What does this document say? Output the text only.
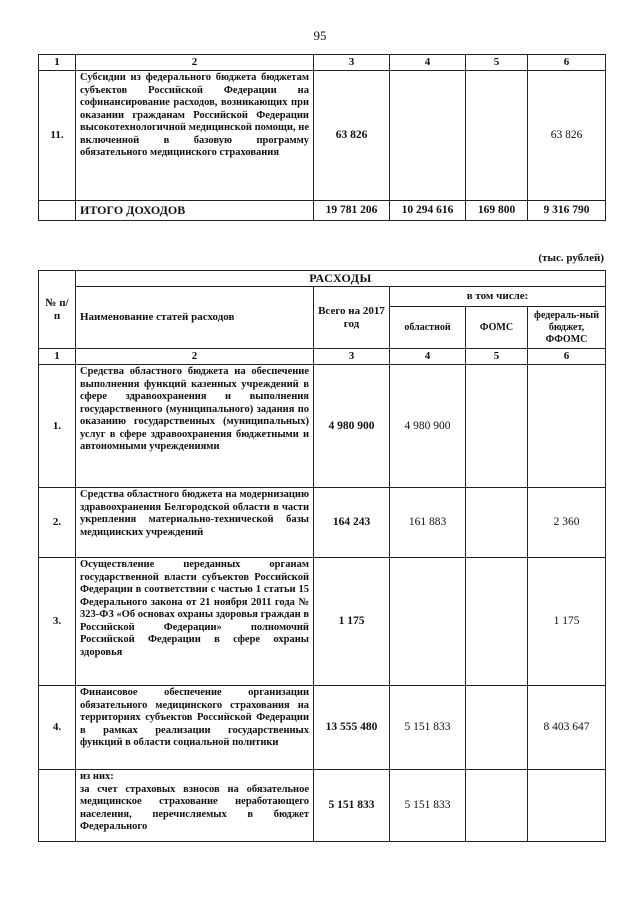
95
1	2	3	4	5	6
11.	Субсидии из федерального бюджета бюджетам субъектов Российской Федерации на софинансирование расходов, возникающих при оказании гражданам Российской Федерации высокотехнологичной медицинской помощи, не включенной в базовую программу обязательного медицинского страхования	63 826			63 826
	ИТОГО ДОХОДОВ	19 781 206	10 294 616	169 800	9 316 790
(тыс. рублей)
№ п/п	РАСХОДЫ				
	Наименование статей расходов	Всего на 2017 год	в том числе:		
			областной	ФОМС	федераль-ный бюджет, ФФОМС
1	2	3	4	5	6
1.	Средства областного бюджета на обеспечение выполнения функций казенных учреждений в сфере здравоохранения и выполнения государственного (муниципального) задания по оказанию государственных (муниципальных) услуг в сфере здравоохранения бюджетными и автономными учреждениями	4 980 900	4 980 900		
2.	Средства областного бюджета на модернизацию здравоохранения Белгородской области в части укрепления материально-технической базы медицинских учреждений	164 243	161 883		2 360
3.	Осуществление переданных органам государственной власти субъектов Российской Федерации в соответствии с частью 1 статьи 15 Федерального закона от 21 ноября 2011 года № 323-ФЗ «Об основах охраны здоровья граждан в Российской Федерации» полномочий Российской Федерации в сфере охраны здоровья	1 175			1 175
4.	Финансовое обеспечение организации обязательного медицинского страхования на территориях субъектов Российской Федерации в рамках реализации государственных функций в области социальной политики	13 555 480	5 151 833		8 403 647
	из них:
за счет страховых взносов на обязательное медицинское страхование неработающего населения, перечисляемых в бюджет Федерального	5 151 833	5 151 833		
